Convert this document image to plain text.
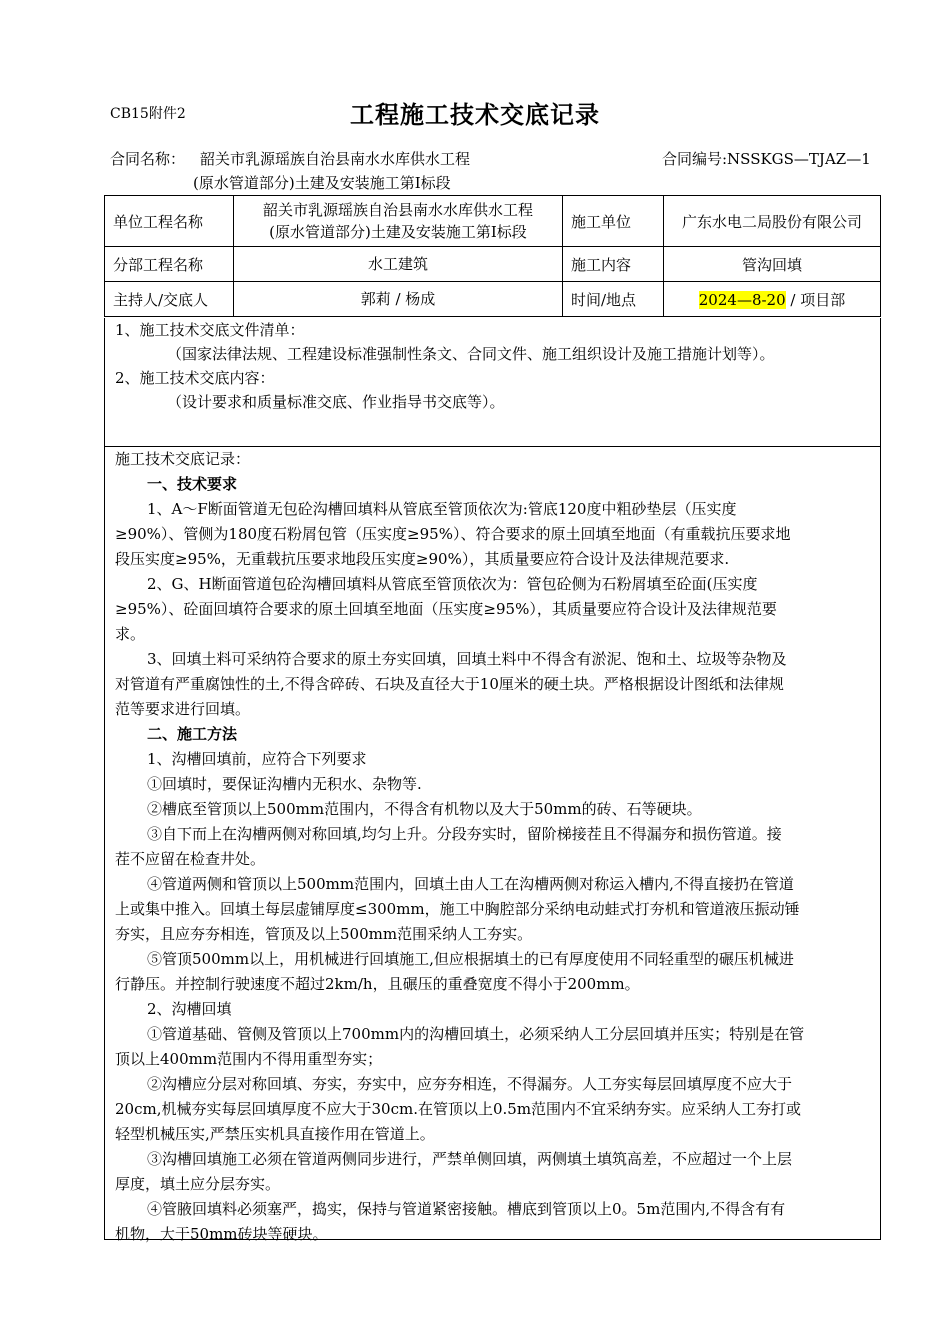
CB15附件2	工程施工技术交底记录
合同名称： 韶关市乳源瑶族自治县南水水库供水工程
(原水管道部分)土建及安装施工第Ⅰ标段
合同编号:NSSKGS—TJAZ—1
单位工程名称	韶关市乳源瑶族自治县南水水库供水工程
(原水管道部分)土建及安装施工第Ⅰ标段	施工单位	广东水电二局股份有限公司
分部工程名称	水工建筑	施工内容	管沟回填
主持人/交底人	郭莉 / 杨成	时间/地点	2024—8-20 / 项目部
1、施工技术交底文件清单：
（国家法律法规、工程建设标准强制性条文、合同文件、施工组织设计及施工措施计划等）。
2、施工技术交底内容：
（设计要求和质量标准交底、作业指导书交底等）。
施工技术交底记录：
一、技术要求
1、A～F断面管道无包砼沟槽回填料从管底至管顶依次为:管底120度中粗砂垫层（压实度
≥90%）、管侧为180度石粉屑包管（压实度≥95%）、符合要求的原土回填至地面（有重载抗压要求地
段压实度≥95%，无重载抗压要求地段压实度≥90%），其质量要应符合设计及法律规范要求.
2、G、H断面管道包砼沟槽回填料从管底至管顶依次为：管包砼侧为石粉屑填至砼面(压实度
≥95%）、砼面回填符合要求的原土回填至地面（压实度≥95%），其质量要应符合设计及法律规范要
求。
3、回填土料可采纳符合要求的原土夯实回填，回填土料中不得含有淤泥、饱和土、垃圾等杂物及
对管道有严重腐蚀性的土,不得含碎砖、石块及直径大于10厘米的硬土块。严格根据设计图纸和法律规
范等要求进行回填。
二、施工方法
1、沟槽回填前，应符合下列要求
①回填时，要保证沟槽内无积水、杂物等.
②槽底至管顶以上500mm范围内，不得含有机物以及大于50mm的砖、石等硬块。
③自下而上在沟槽两侧对称回填,均匀上升。分段夯实时，留阶梯接茬且不得漏夯和损伤管道。接
茬不应留在检查井处。
④管道两侧和管顶以上500mm范围内，回填土由人工在沟槽两侧对称运入槽内,不得直接扔在管道
上或集中推入。回填土每层虚铺厚度≤300mm，施工中胸腔部分采纳电动蛙式打夯机和管道液压振动锤
夯实，且应夯夯相连，管顶及以上500mm范围采纳人工夯实。
⑤管顶500mm以上，用机械进行回填施工,但应根据填土的已有厚度使用不同轻重型的碾压机械进
行静压。并控制行驶速度不超过2km/h，且碾压的重叠宽度不得小于200mm。
2、沟槽回填
①管道基础、管侧及管顶以上700mm内的沟槽回填土，必须采纳人工分层回填并压实；特别是在管
顶以上400mm范围内不得用重型夯实；
②沟槽应分层对称回填、夯实，夯实中，应夯夯相连，不得漏夯。人工夯实每层回填厚度不应大于
20cm,机械夯实每层回填厚度不应大于30cm.在管顶以上0.5m范围内不宜采纳夯实。应采纳人工夯打或
轻型机械压实,严禁压实机具直接作用在管道上。
③沟槽回填施工必须在管道两侧同步进行，严禁单侧回填，两侧填土填筑高差，不应超过一个上层
厚度，填土应分层夯实。
④管腋回填料必须塞严，捣实，保持与管道紧密接触。槽底到管顶以上0。5m范围内,不得含有有
机物，大于50mm砖块等硬块。
